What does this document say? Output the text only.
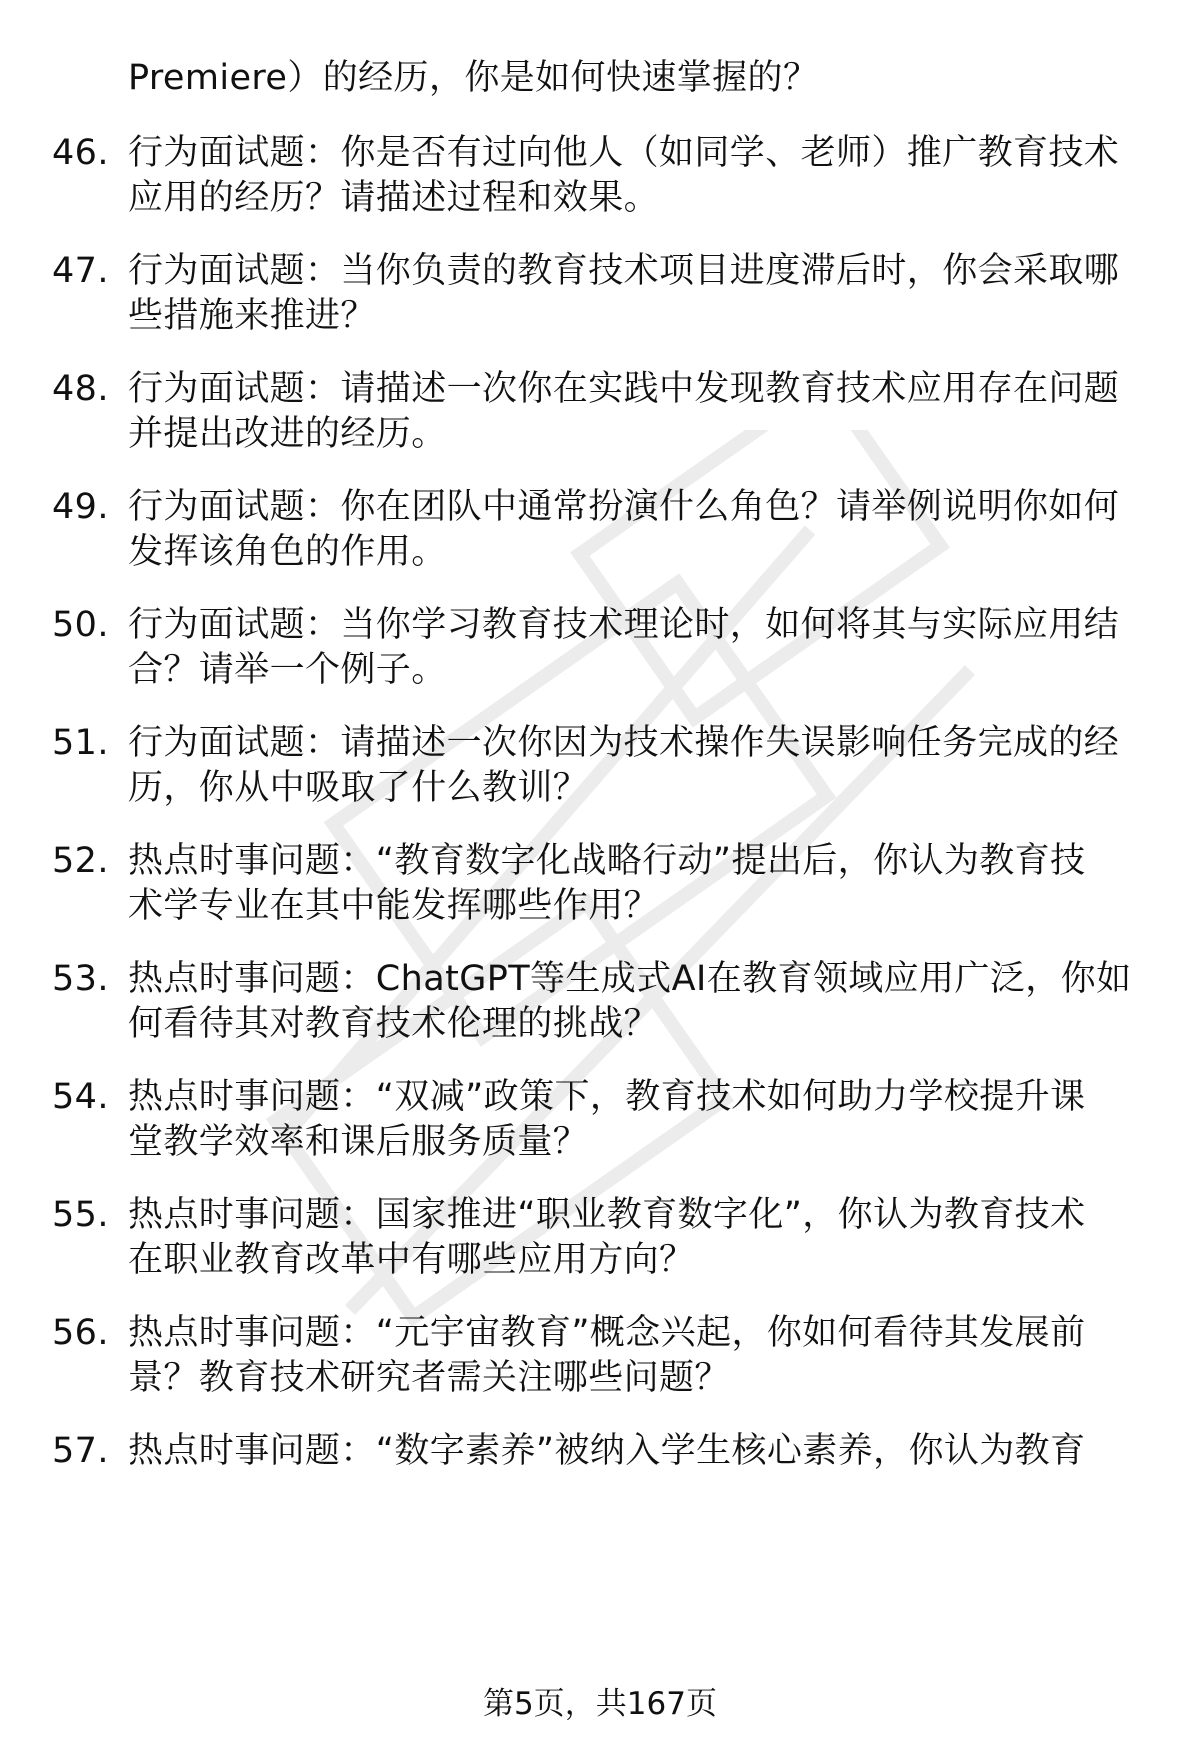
Premiere）的经历，你是如何快速掌握的？
46. 行为面试题：你是否有过向他人（如同学、老师）推广教育技术
应用的经历？请描述过程和效果。
47. 行为面试题：当你负责的教育技术项目进度滞后时，你会采取哪
些措施来推进？
48. 行为面试题：请描述一次你在实践中发现教育技术应用存在问题
并提出改进的经历。
49. 行为面试题：你在团队中通常扮演什么角色？请举例说明你如何
发挥该角色的作用。
50. 行为面试题：当你学习教育技术理论时，如何将其与实际应用结
合？请举一个例子。
51. 行为面试题：请描述一次你因为技术操作失误影响任务完成的经
历，你从中吸取了什么教训？
52. 热点时事问题：“教育数字化战略行动”提出后，你认为教育技
术学专业在其中能发挥哪些作用？
53. 热点时事问题：ChatGPT等生成式AI在教育领域应用广泛，你如
何看待其对教育技术伦理的挑战？
54. 热点时事问题：“双减”政策下，教育技术如何助力学校提升课
堂教学效率和课后服务质量？
55. 热点时事问题：国家推进“职业教育数字化”，你认为教育技术
在职业教育改革中有哪些应用方向？
56. 热点时事问题：“元宇宙教育”概念兴起，你如何看待其发展前
景？教育技术研究者需关注哪些问题？
57. 热点时事问题：“数字素养”被纳入学生核心素养，你认为教育
第5页，共167页
